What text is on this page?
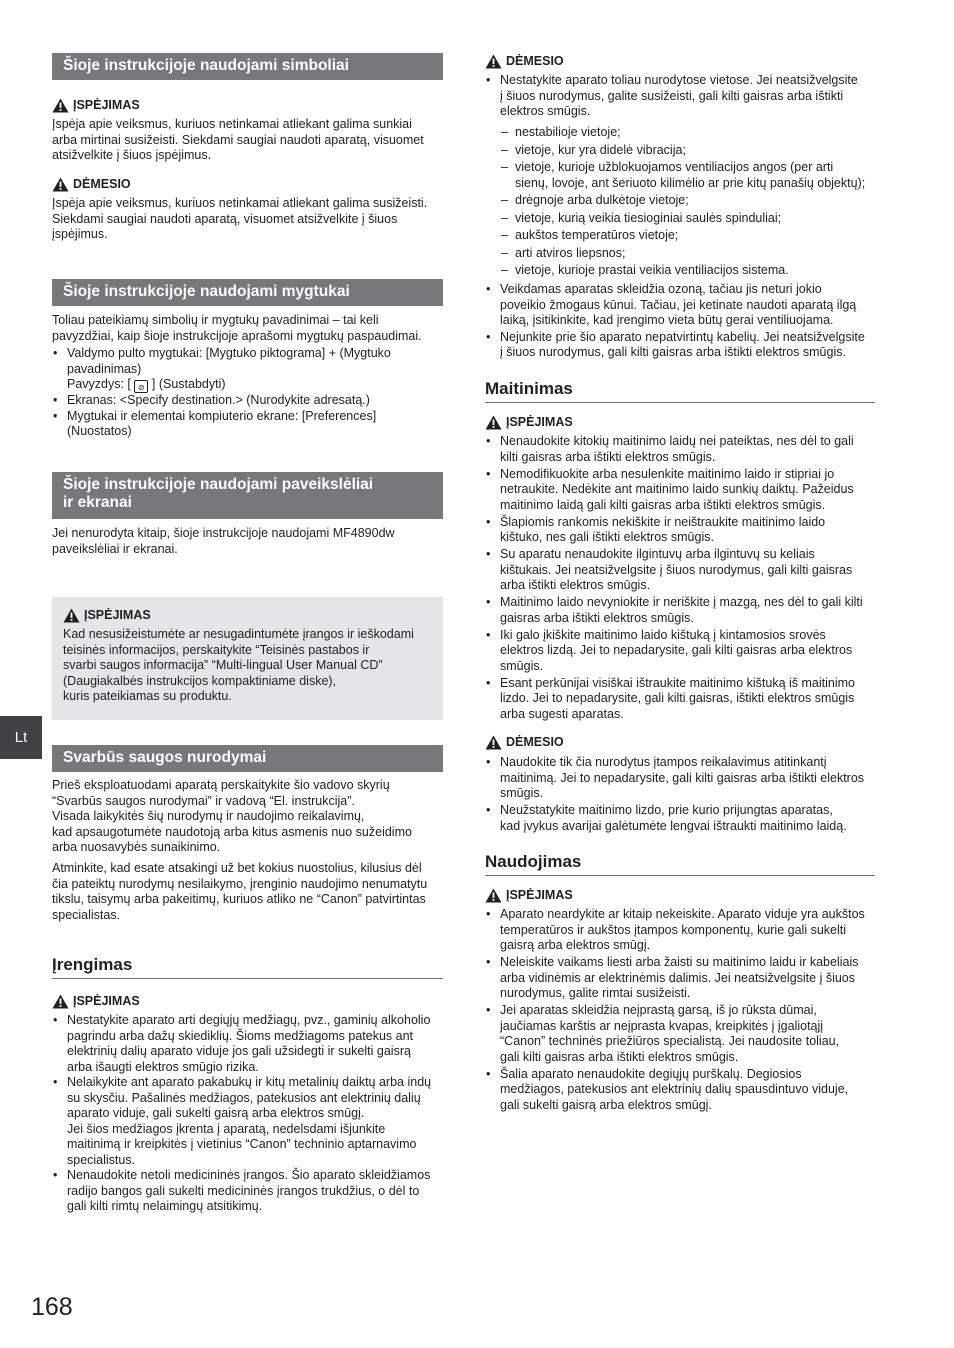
Lt
Šioje instrukcijoje naudojami simboliai
ĮSPĖJIMAS
Įspėja apie veiksmus, kuriuos netinkamai atliekant galima sunkiai
arba mirtinai susižeisti. Siekdami saugiai naudoti aparatą, visuomet
atsižvelkite į šiuos įspėjimus.
DĖMESIO
Įspėja apie veiksmus, kuriuos netinkamai atliekant galima susižeisti.
Siekdami saugiai naudoti aparatą, visuomet atsižvelkite į šiuos
įspėjimus.
Šioje instrukcijoje naudojami mygtukai
Toliau pateikiamų simbolių ir mygtukų pavadinimai – tai keli
pavyzdžiai, kaip šioje instrukcijoje aprašomi mygtukų paspaudimai.
• Valdymo pulto mygtukai: [Mygtuko piktograma] + (Mygtuko
pavadinimas)
Pavyzdys: [ ⊘ ] (Sustabdyti)
• Ekranas: <Specify destination.> (Nurodykite adresatą.)
• Mygtukai ir elementai kompiuterio ekrane: [Preferences]
(Nuostatos)
Šioje instrukcijoje naudojami paveikslėliai
ir ekranai
Jei nenurodyta kitaip, šioje instrukcijoje naudojami MF4890dw
paveikslėliai ir ekranai.
ĮSPĖJIMAS
Kad nesusižeistumėte ar nesugadintumėte įrangos ir ieškodami
teisinės informacijos, perskaitykite “Teisinės pastabos ir
svarbi saugos informacija” “Multi-lingual User Manual CD”
(Daugiakalbės instrukcijos kompaktiniame diske),
kuris pateikiamas su produktu.
Svarbūs saugos nurodymai
Prieš eksploatuodami aparatą perskaitykite šio vadovo skyrių
“Svarbūs saugos nurodymai” ir vadovą “El. instrukcija”.
Visada laikykitės šių nurodymų ir naudojimo reikalavimų,
kad apsaugotumėte naudotoją arba kitus asmenis nuo sužeidimo
arba nuosavybės sunaikinimo.
Atminkite, kad esate atsakingi už bet kokius nuostolius, kilusius dėl
čia pateiktų nurodymų nesilaikymo, įrenginio naudojimo nenumatytu
tikslu, taisymų arba pakeitimų, kuriuos atliko ne “Canon” patvirtintas
specialistas.
Įrengimas
ĮSPĖJIMAS
• Nestatykite aparato arti degiųjų medžiagų, pvz., gaminių alkoholio
pagrindu arba dažų skiediklių. Šioms medžiagoms patekus ant
elektrinių dalių aparato viduje jos gali užsidegti ir sukelti gaisrą
arba išaugti elektros smūgio rizika.
• Nelaikykite ant aparato pakabukų ir kitų metalinių daiktų arba indų
su skysčiu. Pašalinės medžiagos, patekusios ant elektrinių dalių
aparato viduje, gali sukelti gaisrą arba elektros smūgį.
Jei šios medžiagos įkrenta į aparatą, nedelsdami išjunkite
maitinimą ir kreipkitės į vietinius “Canon” techninio aptarnavimo
specialistus.
• Nenaudokite netoli medicininės įrangos. Šio aparato skleidžiamos
radijo bangos gali sukelti medicininės įrangos trukdžius, o dėl to
gali kilti rimtų nelaimingų atsitikimų.
DĖMESIO
• Nestatykite aparato toliau nurodytose vietose. Jei neatsižvelgsite
į šiuos nurodymus, galite susižeisti, gali kilti gaisras arba ištikti
elektros smūgis.
– nestabilioje vietoje;
– vietoje, kur yra didelė vibracija;
– vietoje, kurioje užblokuojamos ventiliacijos angos (per arti
sienų, lovoje, ant šeriuoto kilimėlio ar prie kitų panašių objektų);
– drėgnoje arba dulkėtoje vietoje;
– vietoje, kurią veikia tiesioginiai saulės spinduliai;
– aukštos temperatūros vietoje;
– arti atviros liepsnos;
– vietoje, kurioje prastai veikia ventiliacijos sistema.
• Veikdamas aparatas skleidžia ozoną, tačiau jis neturi jokio
poveikio žmogaus kūnui. Tačiau, jei ketinate naudoti aparatą ilgą
laiką, įsitikinkite, kad įrengimo vieta būtų gerai ventiliuojama.
• Nejunkite prie šio aparato nepatvirtintų kabelių. Jei neatsižvelgsite
į šiuos nurodymus, gali kilti gaisras arba ištikti elektros smūgis.
Maitinimas
ĮSPĖJIMAS
• Nenaudokite kitokių maitinimo laidų nei pateiktas, nes dėl to gali
kilti gaisras arba ištikti elektros smūgis.
• Nemodifikuokite arba nesulenkite maitinimo laido ir stipriai jo
netraukite. Nedėkite ant maitinimo laido sunkių daiktų. Pažeidus
maitinimo laidą gali kilti gaisras arba ištikti elektros smūgis.
• Šlapiomis rankomis nekiškite ir neištraukite maitinimo laido
kištuko, nes gali ištikti elektros smūgis.
• Su aparatu nenaudokite ilgintuvų arba ilgintuvų su keliais
kištukais. Jei neatsižvelgsite į šiuos nurodymus, gali kilti gaisras
arba ištikti elektros smūgis.
• Maitinimo laido nevyniokite ir neriškite į mazgą, nes dėl to gali kilti
gaisras arba ištikti elektros smūgis.
• Iki galo įkiškite maitinimo laido kištuką į kintamosios srovės
elektros lizdą. Jei to nepadarysite, gali kilti gaisras arba elektros
smūgis.
• Esant perkūnijai visiškai ištraukite maitinimo kištuką iš maitinimo
lizdo. Jei to nepadarysite, gali kilti gaisras, ištikti elektros smūgis
arba sugesti aparatas.
DĖMESIO
• Naudokite tik čia nurodytus įtampos reikalavimus atitinkantį
maitinimą. Jei to nepadarysite, gali kilti gaisras arba ištikti elektros
smūgis.
• Neužstatykite maitinimo lizdo, prie kurio prijungtas aparatas,
kad įvykus avarijai galėtumėte lengvai ištraukti maitinimo laidą.
Naudojimas
ĮSPĖJIMAS
• Aparato neardykite ar kitaip nekeiskite. Aparato viduje yra aukštos
temperatūros ir aukštos įtampos komponentų, kurie gali sukelti
gaisrą arba elektros smūgį.
• Neleiskite vaikams liesti arba žaisti su maitinimo laidu ir kabeliais
arba vidinėmis ar elektrinėmis dalimis. Jei neatsižvelgsite į šiuos
nurodymus, galite rimtai susižeisti.
• Jei aparatas skleidžia neįprastą garsą, iš jo rūksta dūmai,
jaučiamas karštis ar neįprasta kvapas, kreipkitės į įgaliotąjį
“Canon” techninės priežiūros specialistą. Jei naudosite toliau,
gali kilti gaisras arba ištikti elektros smūgis.
• Šalia aparato nenaudokite degiųjų purškalų. Degiosios
medžiagos, patekusios ant elektrinių dalių spausdintuvo viduje,
gali sukelti gaisrą arba elektros smūgį.
168
